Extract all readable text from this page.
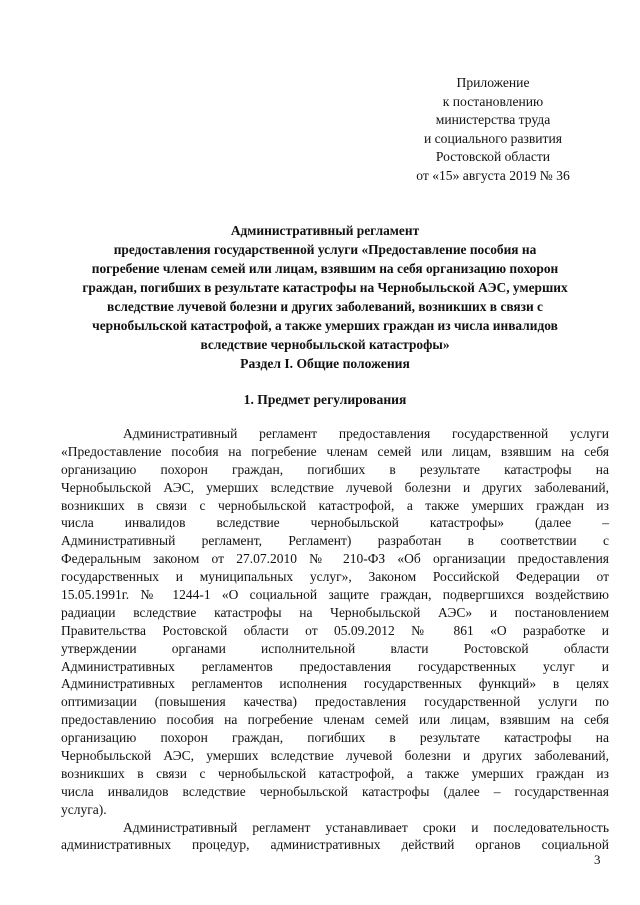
Приложение
к постановлению
министерства труда
и социального развития
Ростовской области
от «15» августа 2019 № 36
Административный регламент
предоставления государственной услуги «Предоставление пособия на
погребение членам семей или лицам, взявшим на себя организацию похорон
граждан, погибших в результате катастрофы на Чернобыльской АЭС, умерших
вследствие лучевой болезни и других заболеваний, возникших в связи с
чернобыльской катастрофой, а также умерших граждан из числа инвалидов
вследствие чернобыльской катастрофы»
Раздел I. Общие положения
1. Предмет регулирования
Административный регламент предоставления государственной услуги
«Предоставление пособия на погребение членам семей или лицам, взявшим на себя
организацию похорон граждан, погибших в результате катастрофы на
Чернобыльской АЭС, умерших вследствие лучевой болезни и других заболеваний,
возникших в связи с чернобыльской катастрофой, а также умерших граждан из
числа инвалидов вследствие чернобыльской катастрофы» (далее –
Административный регламент, Регламент) разработан в соответствии с
Федеральным законом от 27.07.2010 № 210-ФЗ «Об организации предоставления
государственных и муниципальных услуг», Законом Российской Федерации от
15.05.1991г. № 1244-1 «О социальной защите граждан, подвергшихся воздействию
радиации вследствие катастрофы на Чернобыльской АЭС» и постановлением
Правительства Ростовской области от 05.09.2012 № 861 «О разработке и
утверждении органами исполнительной власти Ростовской области
Административных регламентов предоставления государственных услуг и
Административных регламентов исполнения государственных функций» в целях
оптимизации (повышения качества) предоставления государственной услуги по
предоставлению пособия на погребение членам семей или лицам, взявшим на себя
организацию похорон граждан, погибших в результате катастрофы на
Чернобыльской АЭС, умерших вследствие лучевой болезни и других заболеваний,
возникших в связи с чернобыльской катастрофой, а также умерших граждан из
числа инвалидов вследствие чернобыльской катастрофы (далее – государственная
услуга).
Административный регламент устанавливает сроки и последовательность
административных процедур, административных действий органов социальной
3
